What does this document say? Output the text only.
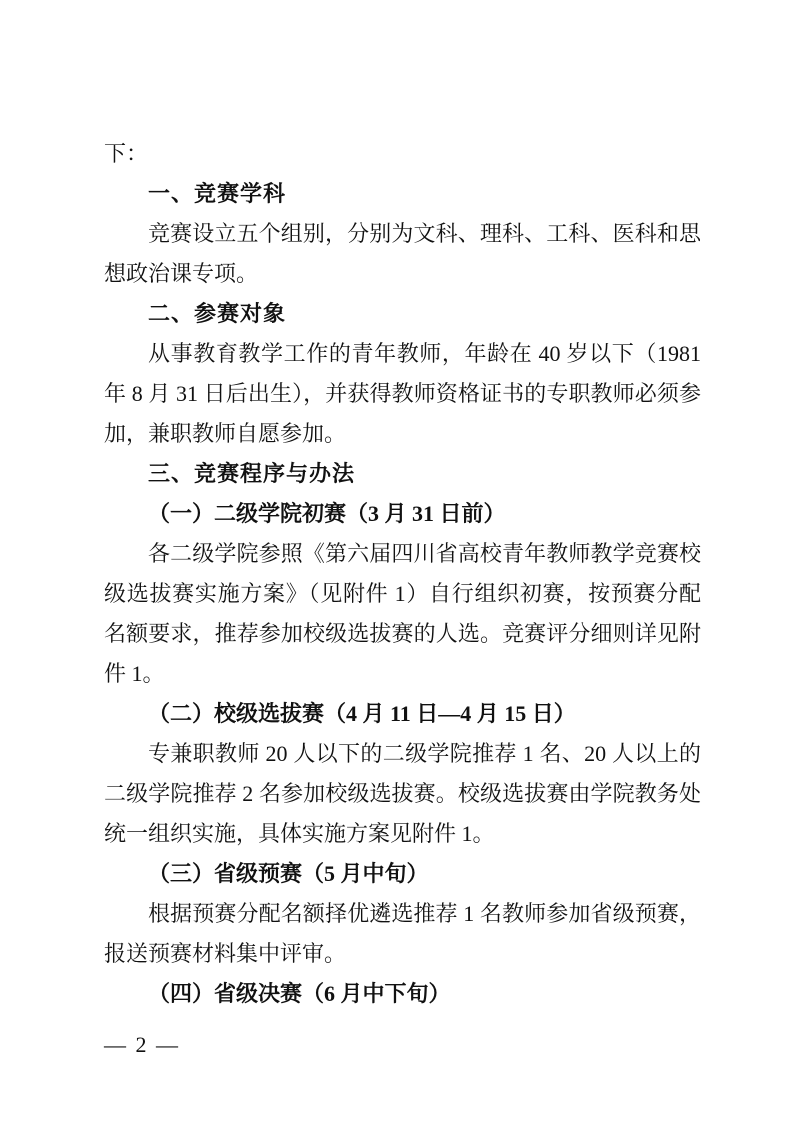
下：
一、竞赛学科
竞赛设立五个组别，分别为文科、理科、工科、医科和思想政治课专项。
二、参赛对象
从事教育教学工作的青年教师，年龄在 40 岁以下（1981 年 8 月 31 日后出生），并获得教师资格证书的专职教师必须参加，兼职教师自愿参加。
三、竞赛程序与办法
（一）二级学院初赛（3 月 31 日前）
各二级学院参照《第六届四川省高校青年教师教学竞赛校级选拔赛实施方案》（见附件 1）自行组织初赛，按预赛分配名额要求，推荐参加校级选拔赛的人选。竞赛评分细则详见附件 1。
（二）校级选拔赛（4 月 11 日—4 月 15 日）
专兼职教师 20 人以下的二级学院推荐 1 名、20 人以上的二级学院推荐 2 名参加校级选拔赛。校级选拔赛由学院教务处统一组织实施，具体实施方案见附件 1。
（三）省级预赛（5 月中旬）
根据预赛分配名额择优遴选推荐 1 名教师参加省级预赛，报送预赛材料集中评审。
（四）省级决赛（6 月中下旬）
— 2 —
